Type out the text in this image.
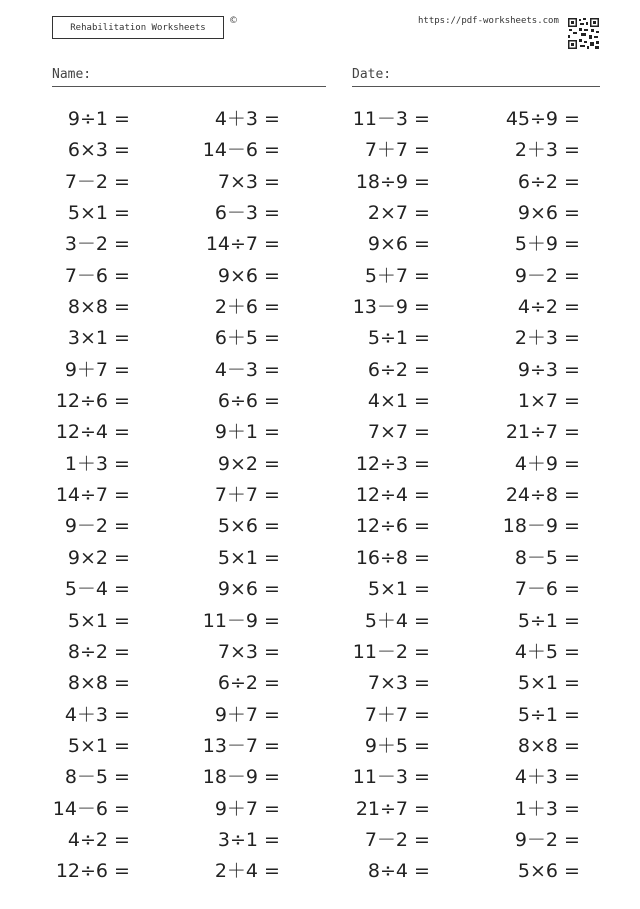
Rehabilitation Worksheets
©	https://pdf-worksheets.com
Name:	Date:
9÷1 =	4＋3 =	11－3 =	45÷9 =
6×3 =	14－6 =	7＋7 =	2＋3 =
7－2 =	7×3 =	18÷9 =	6÷2 =
5×1 =	6－3 =	2×7 =	9×6 =
3－2 =	14÷7 =	9×6 =	5＋9 =
7－6 =	9×6 =	5＋7 =	9－2 =
8×8 =	2＋6 =	13－9 =	4÷2 =
3×1 =	6＋5 =	5÷1 =	2＋3 =
9＋7 =	4－3 =	6÷2 =	9÷3 =
12÷6 =	6÷6 =	4×1 =	1×7 =
12÷4 =	9＋1 =	7×7 =	21÷7 =
1＋3 =	9×2 =	12÷3 =	4＋9 =
14÷7 =	7＋7 =	12÷4 =	24÷8 =
9－2 =	5×6 =	12÷6 =	18－9 =
9×2 =	5×1 =	16÷8 =	8－5 =
5－4 =	9×6 =	5×1 =	7－6 =
5×1 =	11－9 =	5＋4 =	5÷1 =
8÷2 =	7×3 =	11－2 =	4＋5 =
8×8 =	6÷2 =	7×3 =	5×1 =
4＋3 =	9＋7 =	7＋7 =	5÷1 =
5×1 =	13－7 =	9＋5 =	8×8 =
8－5 =	18－9 =	11－3 =	4＋3 =
14－6 =	9＋7 =	21÷7 =	1＋3 =
4÷2 =	3÷1 =	7－2 =	9－2 =
12÷6 =	2＋4 =	8÷4 =	5×6 =
